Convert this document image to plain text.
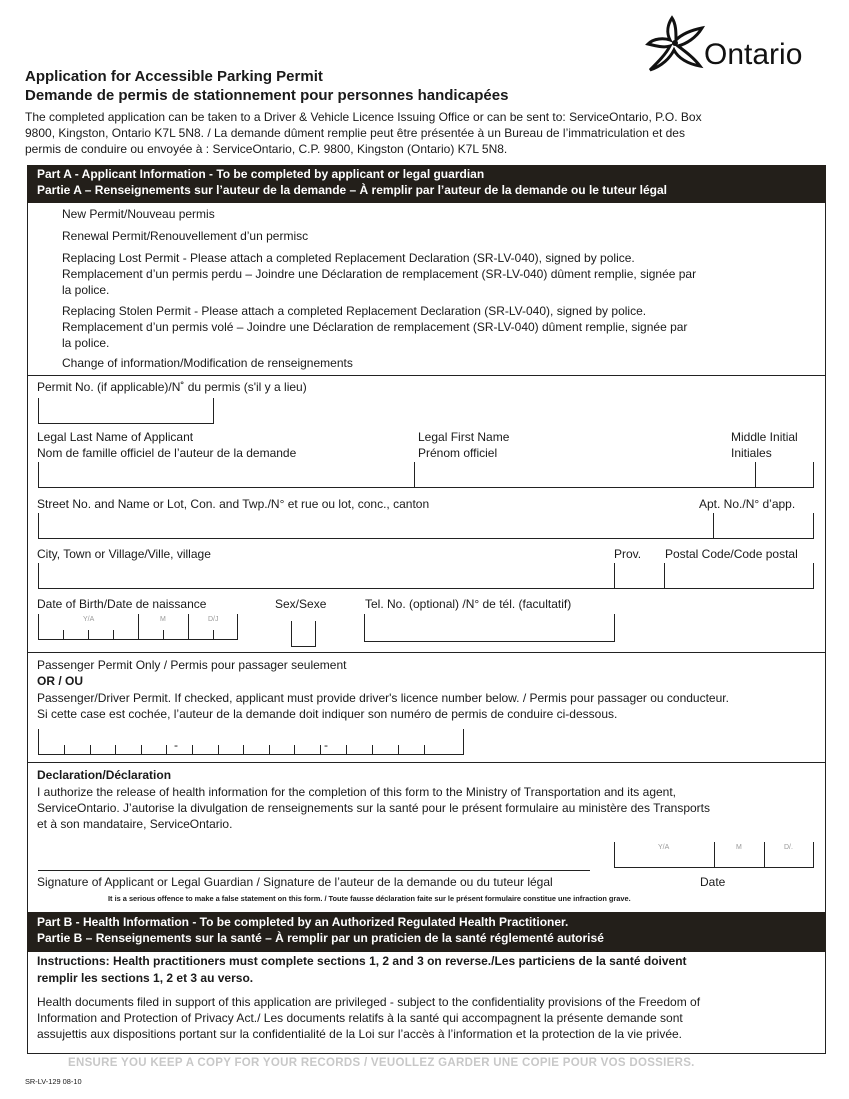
Ontario
Application for Accessible Parking Permit
Demande de permis de stationnement pour personnes handicapées
The completed application can be taken to a Driver & Vehicle Licence Issuing Office or can be sent to: ServiceOntario, P.O. Box
9800, Kingston, Ontario K7L 5N8. / La demande dûment remplie peut être présentée à un Bureau de l’immatriculation et des
permis de conduire ou envoyée à : ServiceOntario, C.P. 9800, Kingston (Ontario) K7L 5N8.
Part A - Applicant Information - To be completed by applicant or legal guardian
Partie A – Renseignements sur l’auteur de la demande – À remplir par l’auteur de la demande ou le tuteur légal
New Permit/Nouveau permis
Renewal Permit/Renouvellement d’un permisc
Replacing Lost Permit - Please attach a completed Replacement Declaration (SR-LV-040), signed by police.
Remplacement d’un permis perdu – Joindre une Déclaration de remplacement (SR-LV-040) dûment remplie, signée par
la police.
Replacing Stolen Permit - Please attach a completed Replacement Declaration (SR-LV-040), signed by police.
Remplacement d’un permis volé – Joindre une Déclaration de remplacement (SR-LV-040) dûment remplie, signée par
la police.
Change of information/Modification de renseignements
Permit No. (if applicable)/N˚ du permis (s'il y a lieu)
Legal Last Name of Applicant
Nom de famille officiel de l’auteur de la demande
Legal First Name
Prénom officiel
Middle Initial
Initiales
Street No. and Name or Lot, Con. and Twp./N° et rue ou lot, conc., canton	Apt. No./N° d’app.
City, Town or Village/Ville, village	Prov. Postal Code/Code postal
Date of Birth/Date de naissance	Sex/Sexe	Tel. No. (optional) /N° de tél. (facultatif)
Y/A	M	D/J
Passenger Permit Only / Permis pour passager seulement
OR / OU
Passenger/Driver Permit. If checked, applicant must provide driver's licence number below. / Permis pour passager ou conducteur.
Si cette case est cochée, l’auteur de la demande doit indiquer son numéro de permis de conduire ci-dessous.
-	-
Declaration/Déclaration
I authorize the release of health information for the completion of this form to the Ministry of Transportation and its agent,
ServiceOntario. J’autorise la divulgation de renseignements sur la santé pour le présent formulaire au ministère des Transports
et à son mandataire, ServiceOntario.
Y/A	M	D/.
Signature of Applicant or Legal Guardian / Signature de l’auteur de la demande ou du tuteur légal	Date
It is a serious offence to make a false statement on this form. / Toute fausse déclaration faite sur le présent formulaire constitue une infraction grave.
Part B - Health Information - To be completed by an Authorized Regulated Health Practitioner.
Partie B – Renseignements sur la santé – À remplir par un praticien de la santé réglementé autorisé
Instructions: Health practitioners must complete sections 1, 2 and 3 on reverse./Les particiens de la santé doivent
remplir les sections 1, 2 et 3 au verso.
Health documents filed in support of this application are privileged - subject to the confidentiality provisions of the Freedom of
Information and Protection of Privacy Act./ Les documents relatifs à la santé qui accompagnent la présente demande sont
assujettis aux dispositions portant sur la confidentialité de la Loi sur l’accès à l’information et la protection de la vie privée.
ENSURE YOU KEEP A COPY FOR YOUR RECORDS / VEUOLLEZ GARDER UNE COPIE POUR VOS DOSSIERS.
SR-LV-129 08-10
